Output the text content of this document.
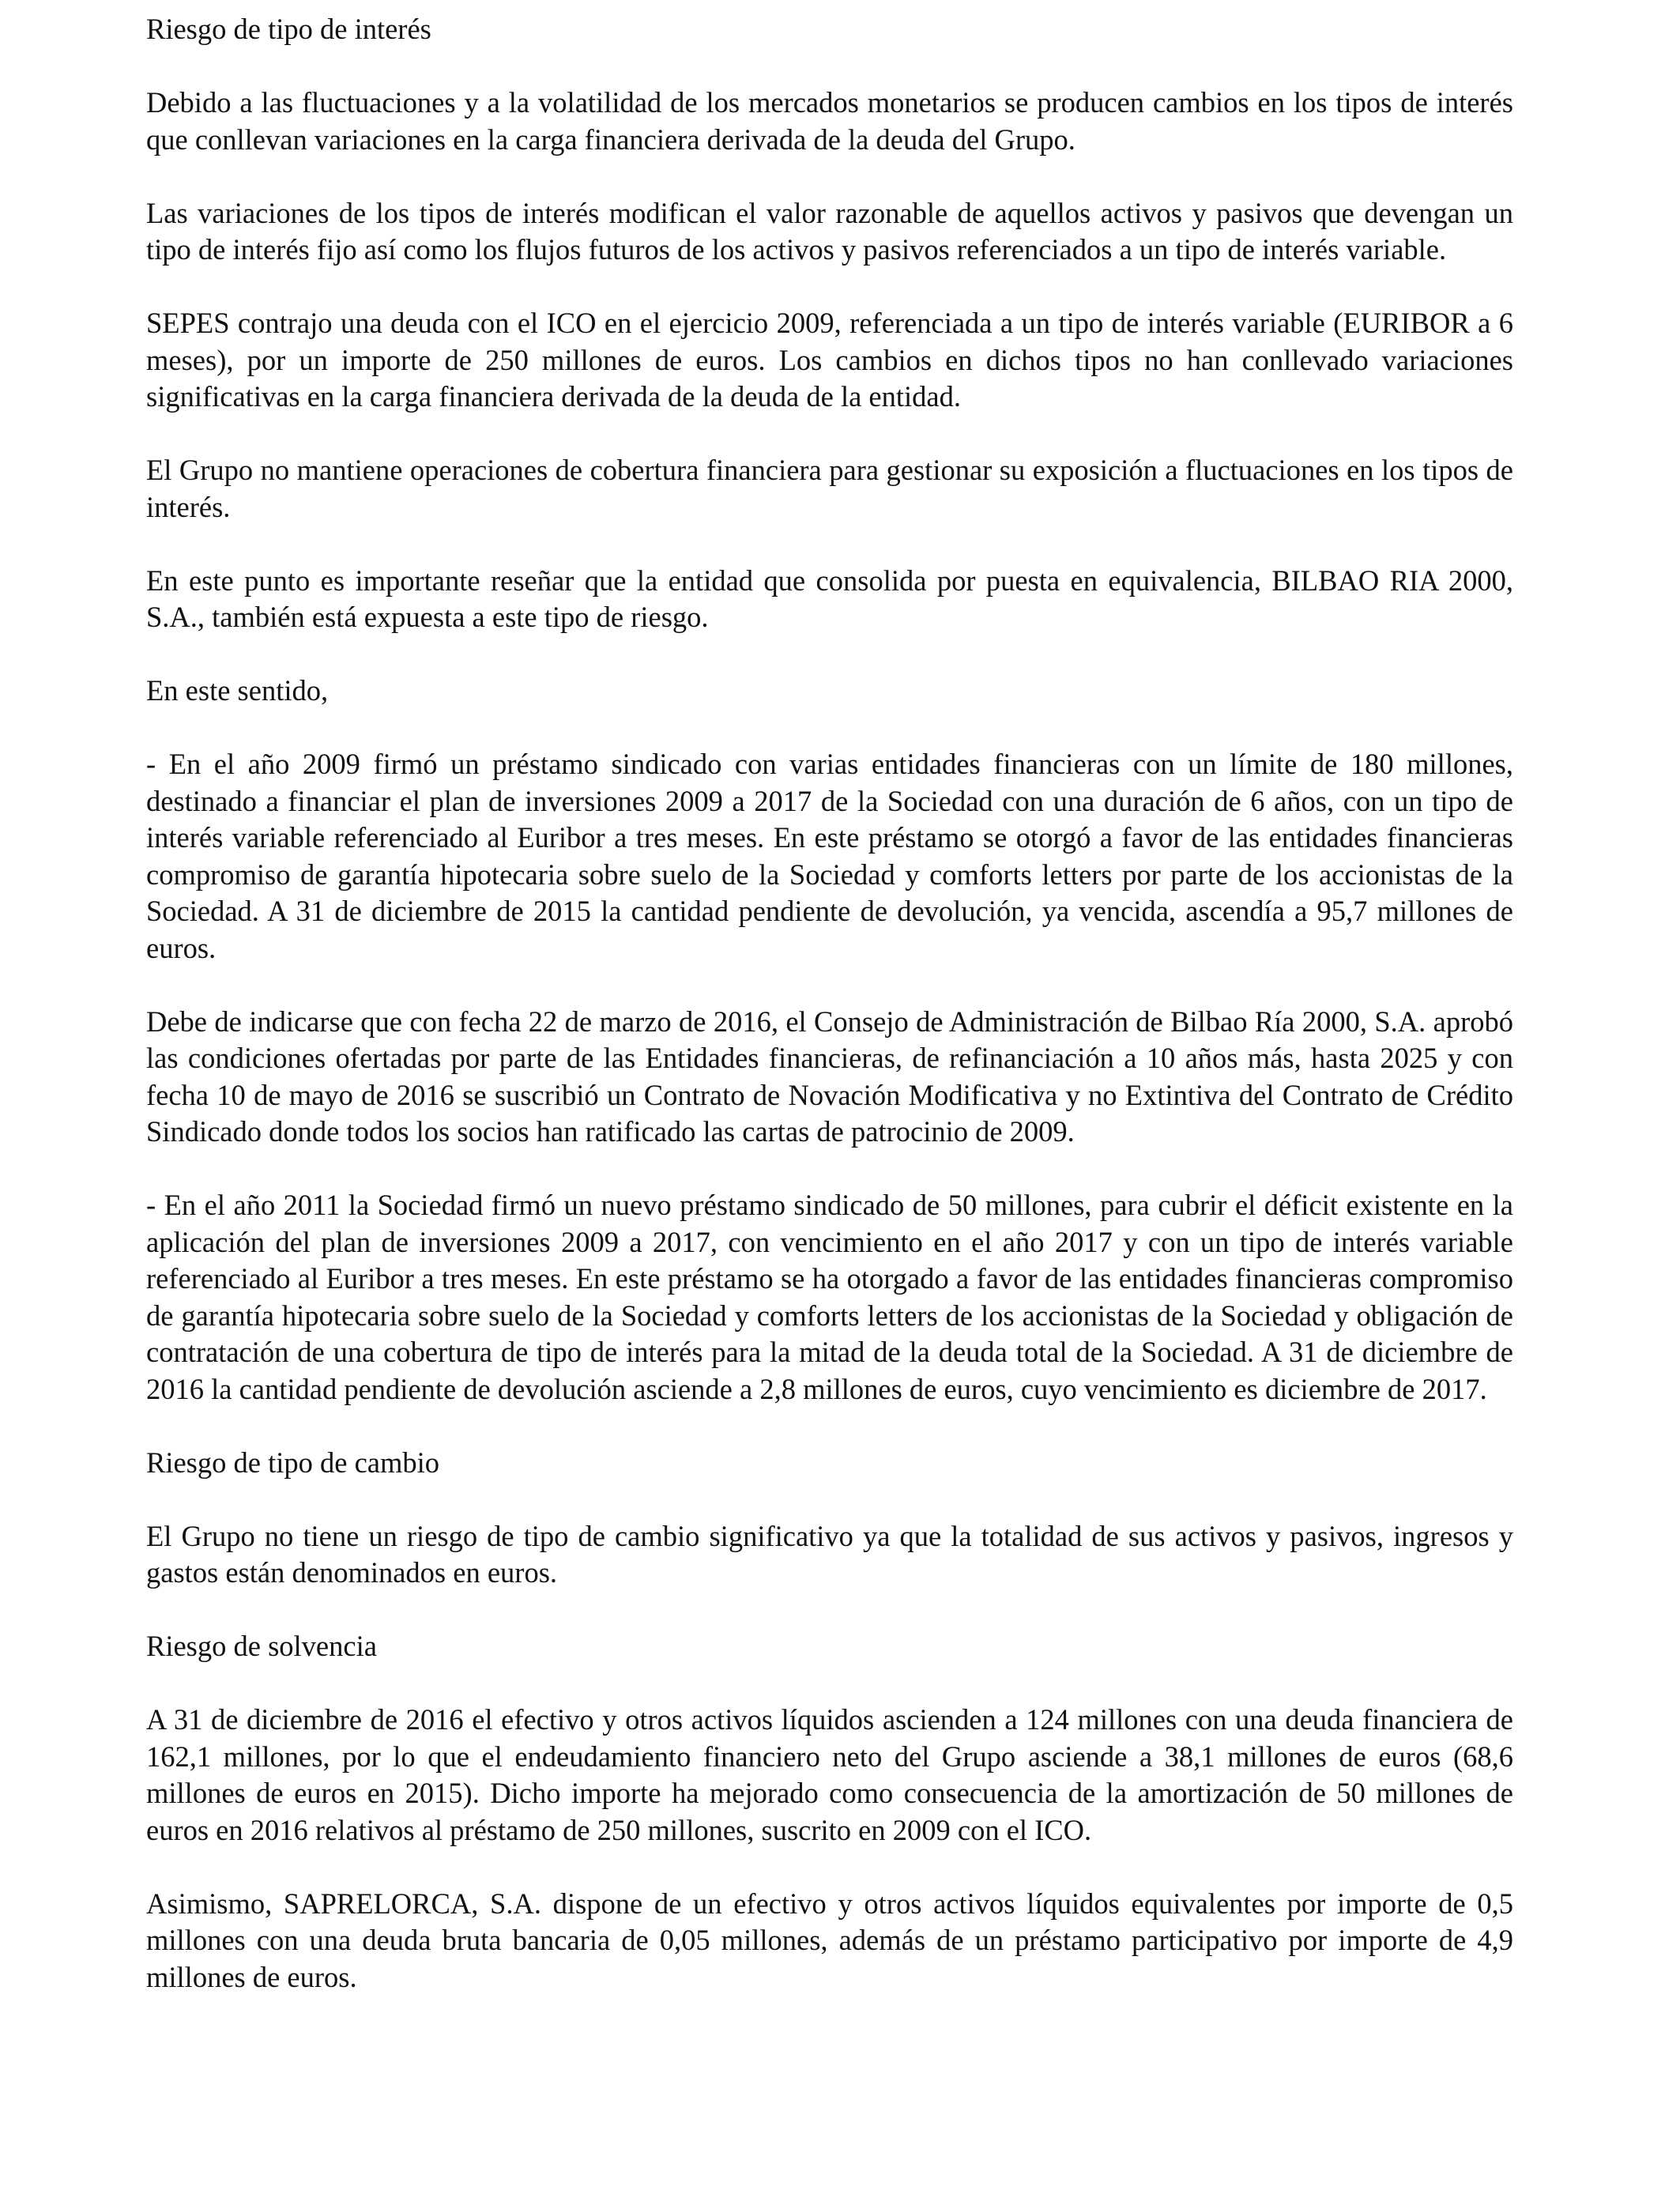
Riesgo de tipo de interés

Debido a las fluctuaciones y a la volatilidad de los mercados monetarios se producen cambios en los tipos de interés que conllevan variaciones en la carga financiera derivada de la deuda del Grupo.

Las variaciones de los tipos de interés modifican el valor razonable de aquellos activos y pasivos que devengan un tipo de interés fijo así como los flujos futuros de los activos y pasivos referenciados a un tipo de interés variable.

SEPES contrajo una deuda con el ICO en el ejercicio 2009, referenciada a un tipo de interés variable (EURIBOR a 6 meses), por un importe de 250 millones de euros. Los cambios en dichos tipos no han conllevado variaciones significativas en la carga financiera derivada de la deuda de la entidad.

El Grupo no mantiene operaciones de cobertura financiera para gestionar su exposición a fluctuaciones en los tipos de interés.

En este punto es importante reseñar que la entidad que consolida por puesta en equivalencia, BILBAO RIA 2000, S.A., también está expuesta a este tipo de riesgo.

En este sentido,

- En el año 2009 firmó un préstamo sindicado con varias entidades financieras con un límite de 180 millones, destinado a financiar el plan de inversiones 2009 a 2017 de la Sociedad con una duración de 6 años, con un tipo de interés variable referenciado al Euribor a tres meses. En este préstamo se otorgó a favor de las entidades financieras compromiso de garantía hipotecaria sobre suelo de la Sociedad y comforts letters por parte de los accionistas de la Sociedad. A 31 de diciembre de 2015 la cantidad pendiente de devolución, ya vencida, ascendía a 95,7 millones de euros.

Debe de indicarse que con fecha 22 de marzo de 2016, el Consejo de Administración de Bilbao Ría 2000, S.A. aprobó las condiciones ofertadas por parte de las Entidades financieras, de refinanciación a 10 años más, hasta 2025 y con fecha 10 de mayo de 2016 se suscribió un Contrato de Novación Modificativa y no Extintiva del Contrato de Crédito Sindicado donde todos los socios han ratificado las cartas de patrocinio de 2009.

- En el año 2011 la Sociedad firmó un nuevo préstamo sindicado de 50 millones, para cubrir el déficit existente en la aplicación del plan de inversiones 2009 a 2017, con vencimiento en el año 2017 y con un tipo de interés variable referenciado al Euribor a tres meses. En este préstamo se ha otorgado a favor de las entidades financieras compromiso de garantía hipotecaria sobre suelo de la Sociedad y comforts letters de los accionistas de la Sociedad y obligación de contratación de una cobertura de tipo de interés para la mitad de la deuda total de la Sociedad. A 31 de diciembre de 2016 la cantidad pendiente de devolución asciende a 2,8 millones de euros, cuyo vencimiento es diciembre de 2017.

Riesgo de tipo de cambio

El Grupo no tiene un riesgo de tipo de cambio significativo ya que la totalidad de sus activos y pasivos, ingresos y gastos están denominados en euros.

Riesgo de solvencia

A 31 de diciembre de 2016 el efectivo y otros activos líquidos ascienden a 124 millones con una deuda financiera de 162,1 millones, por lo que el endeudamiento financiero neto del Grupo asciende a 38,1 millones de euros (68,6 millones de euros en 2015). Dicho importe ha mejorado como consecuencia de la amortización de 50 millones de euros en 2016 relativos al préstamo de 250 millones, suscrito en 2009 con el ICO.

Asimismo, SAPRELORCA, S.A. dispone de un efectivo y otros activos líquidos equivalentes por importe de 0,5 millones con una deuda bruta bancaria de 0,05 millones, además de un préstamo participativo por importe de 4,9 millones de euros.
